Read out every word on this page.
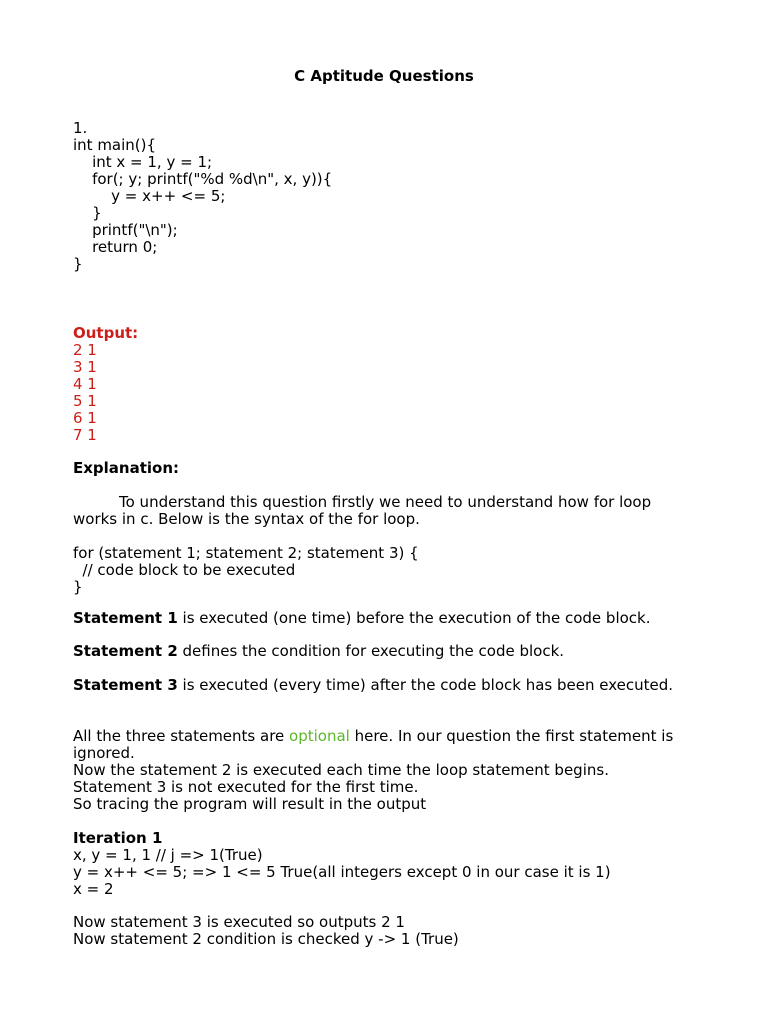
C Aptitude Questions
1.
int main(){
int x = 1, y = 1;
for(; y; printf("%d %d\n", x, y)){
y = x++ <= 5;
}
printf("\n");
return 0;
}
Output:
2 1
3 1
4 1
5 1
6 1
7 1
Explanation:
To understand this question firstly we need to understand how for loop works in c. Below is the syntax of the for loop.
for (statement 1; statement 2; statement 3) {
// code block to be executed
}
Statement 1 is executed (one time) before the execution of the code block.
Statement 2 defines the condition for executing the code block.
Statement 3 is executed (every time) after the code block has been executed.
All the three statements are optional here. In our question the first statement is ignored.
Now the statement 2 is executed each time the loop statement begins.
Statement 3 is not executed for the first time.
So tracing the program will result in the output
Iteration 1
x, y = 1, 1 // j => 1(True)
y = x++ <= 5; => 1 <= 5 True(all integers except 0 in our case it is 1)
x = 2
Now statement 3 is executed so outputs 2 1
Now statement 2 condition is checked y -> 1 (True)
